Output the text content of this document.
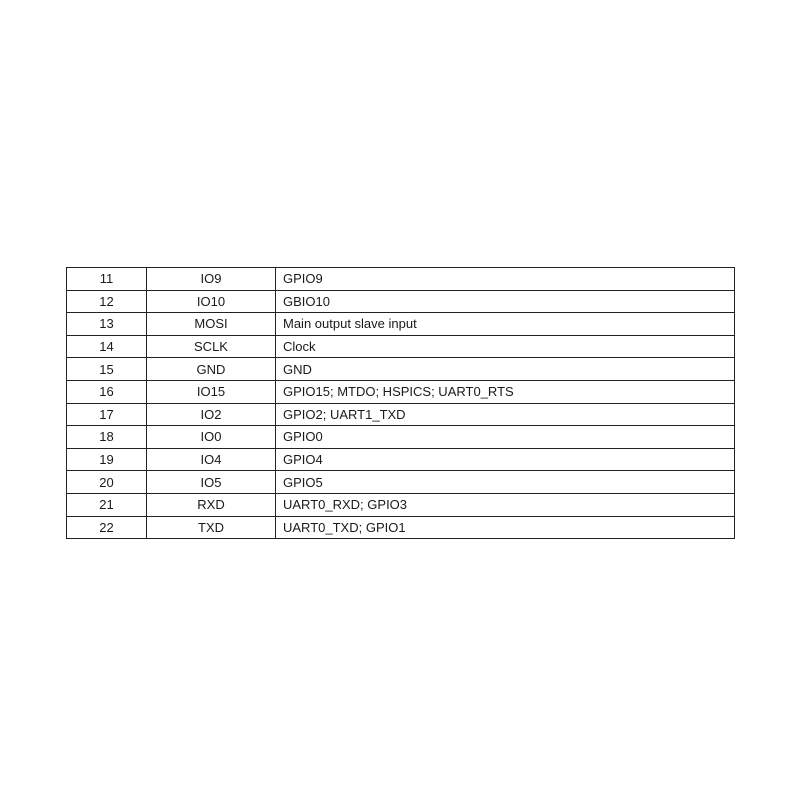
11	IO9	GPIO9
12	IO10	GBIO10
13	MOSI	Main output slave input
14	SCLK	Clock
15	GND	GND
16	IO15	GPIO15; MTDO; HSPICS; UART0_RTS
17	IO2	GPIO2; UART1_TXD
18	IO0	GPIO0
19	IO4	GPIO4
20	IO5	GPIO5
21	RXD	UART0_RXD; GPIO3
22	TXD	UART0_TXD; GPIO1
